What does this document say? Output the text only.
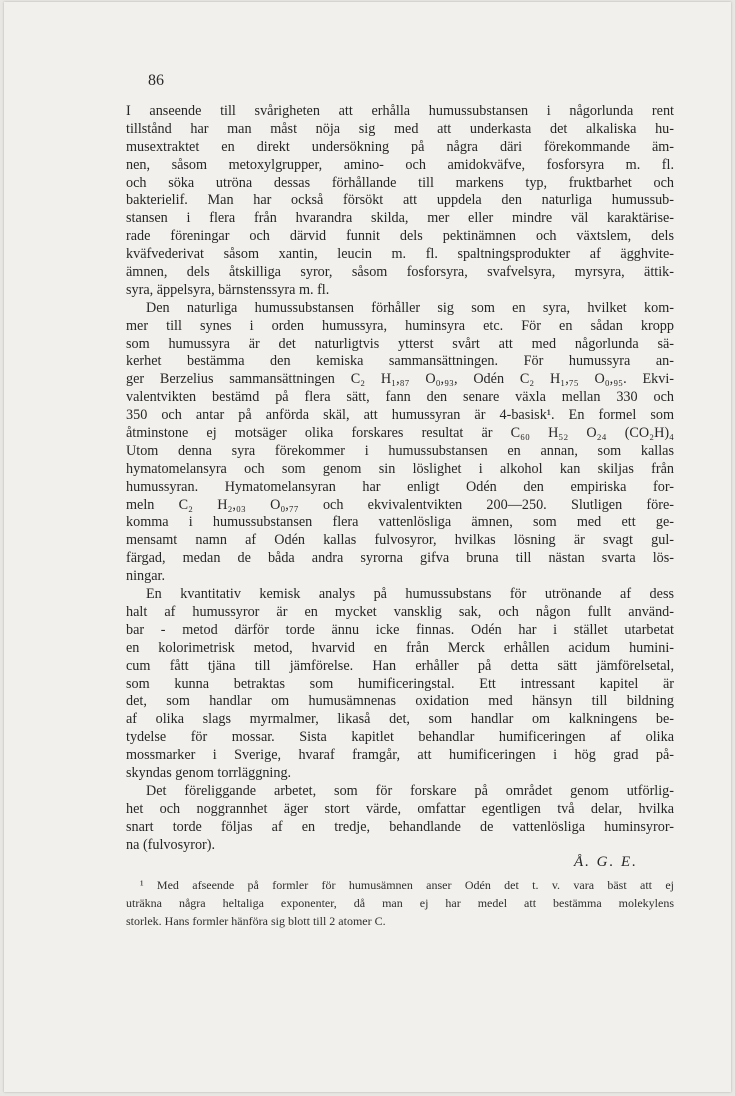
86
I anseende till svårigheten att erhålla humussubstansen i någorlunda rent
tillstånd har man måst nöja sig med att underkasta det alkaliska hu-
musextraktet en direkt undersökning på några däri förekommande äm-
nen, såsom metoxylgrupper, amino- och amidokväfve, fosforsyra m. fl.
och söka utröna dessas förhållande till markens typ, fruktbarhet och
bakterielif. Man har också försökt att uppdela den naturliga humussub-
stansen i flera från hvarandra skilda, mer eller mindre väl karaktärise-
rade föreningar och därvid funnit dels pektinämnen och växtslem, dels
kväfvederivat såsom xantin, leucin m. fl. spaltningsprodukter af ägghvite-
ämnen, dels åtskilliga syror, såsom fosforsyra, svafvelsyra, myrsyra, ättik-
syra, äppelsyra, bärnstenssyra m. fl.
Den naturliga humussubstansen förhåller sig som en syra, hvilket kom-
mer till synes i orden humussyra, huminsyra etc. För en sådan kropp
som humussyra är det naturligtvis ytterst svårt att med någorlunda sä-
kerhet bestämma den kemiska sammansättningen. För humussyra an-
ger Berzelius sammansättningen C₂ H₁,₈₇ O₀,₉₃, Odén C₂ H₁,₇₅ O₀,₉₅. Ekvi-
valentvikten bestämd på flera sätt, fann den senare växla mellan 330 och
350 och antar på anförda skäl, att humussyran är 4-basisk¹. En formel som
åtminstone ej motsäger olika forskares resultat är C₆₀ H₅₂ O₂₄ (CO₂H)₄
Utom denna syra förekommer i humussubstansen en annan, som kallas
hymatomelansyra och som genom sin löslighet i alkohol kan skiljas från
humussyran. Hymatomelansyran har enligt Odén den empiriska for-
meln C₂ H₂,₀₃ O₀,₇₇ och ekvivalentvikten 200—250. Slutligen före-
komma i humussubstansen flera vattenlösliga ämnen, som med ett ge-
mensamt namn af Odén kallas fulvosyror, hvilkas lösning är svagt gul-
färgad, medan de båda andra syrorna gifva bruna till nästan svarta lös-
ningar.
En kvantitativ kemisk analys på humussubstans för utrönande af dess
halt af humussyror är en mycket vansklig sak, och någon fullt använd-
bar - metod därför torde ännu icke finnas. Odén har i stället utarbetat
en kolorimetrisk metod, hvarvid en från Merck erhållen acidum humini-
cum fått tjäna till jämförelse. Han erhåller på detta sätt jämförelsetal,
som kunna betraktas som humificeringstal. Ett intressant kapitel är
det, som handlar om humusämnenas oxidation med hänsyn till bildning
af olika slags myrmalmer, likaså det, som handlar om kalkningens be-
tydelse för mossar. Sista kapitlet behandlar humificeringen af olika
mossmarker i Sverige, hvaraf framgår, att humificeringen i hög grad på-
skyndas genom torrläggning.
Det föreliggande arbetet, som för forskare på området genom utförlig-
het och noggrannhet äger stort värde, omfattar egentligen två delar, hvilka
snart torde följas af en tredje, behandlande de vattenlösliga huminsyror-
na (fulvosyror).
Å. G. E.
¹ Med afseende på formler för humusämnen anser Odén det t. v. vara bäst att ej
uträkna några heltaliga exponenter, då man ej har medel att bestämma molekylens
storlek. Hans formler hänföra sig blott till 2 atomer C.
